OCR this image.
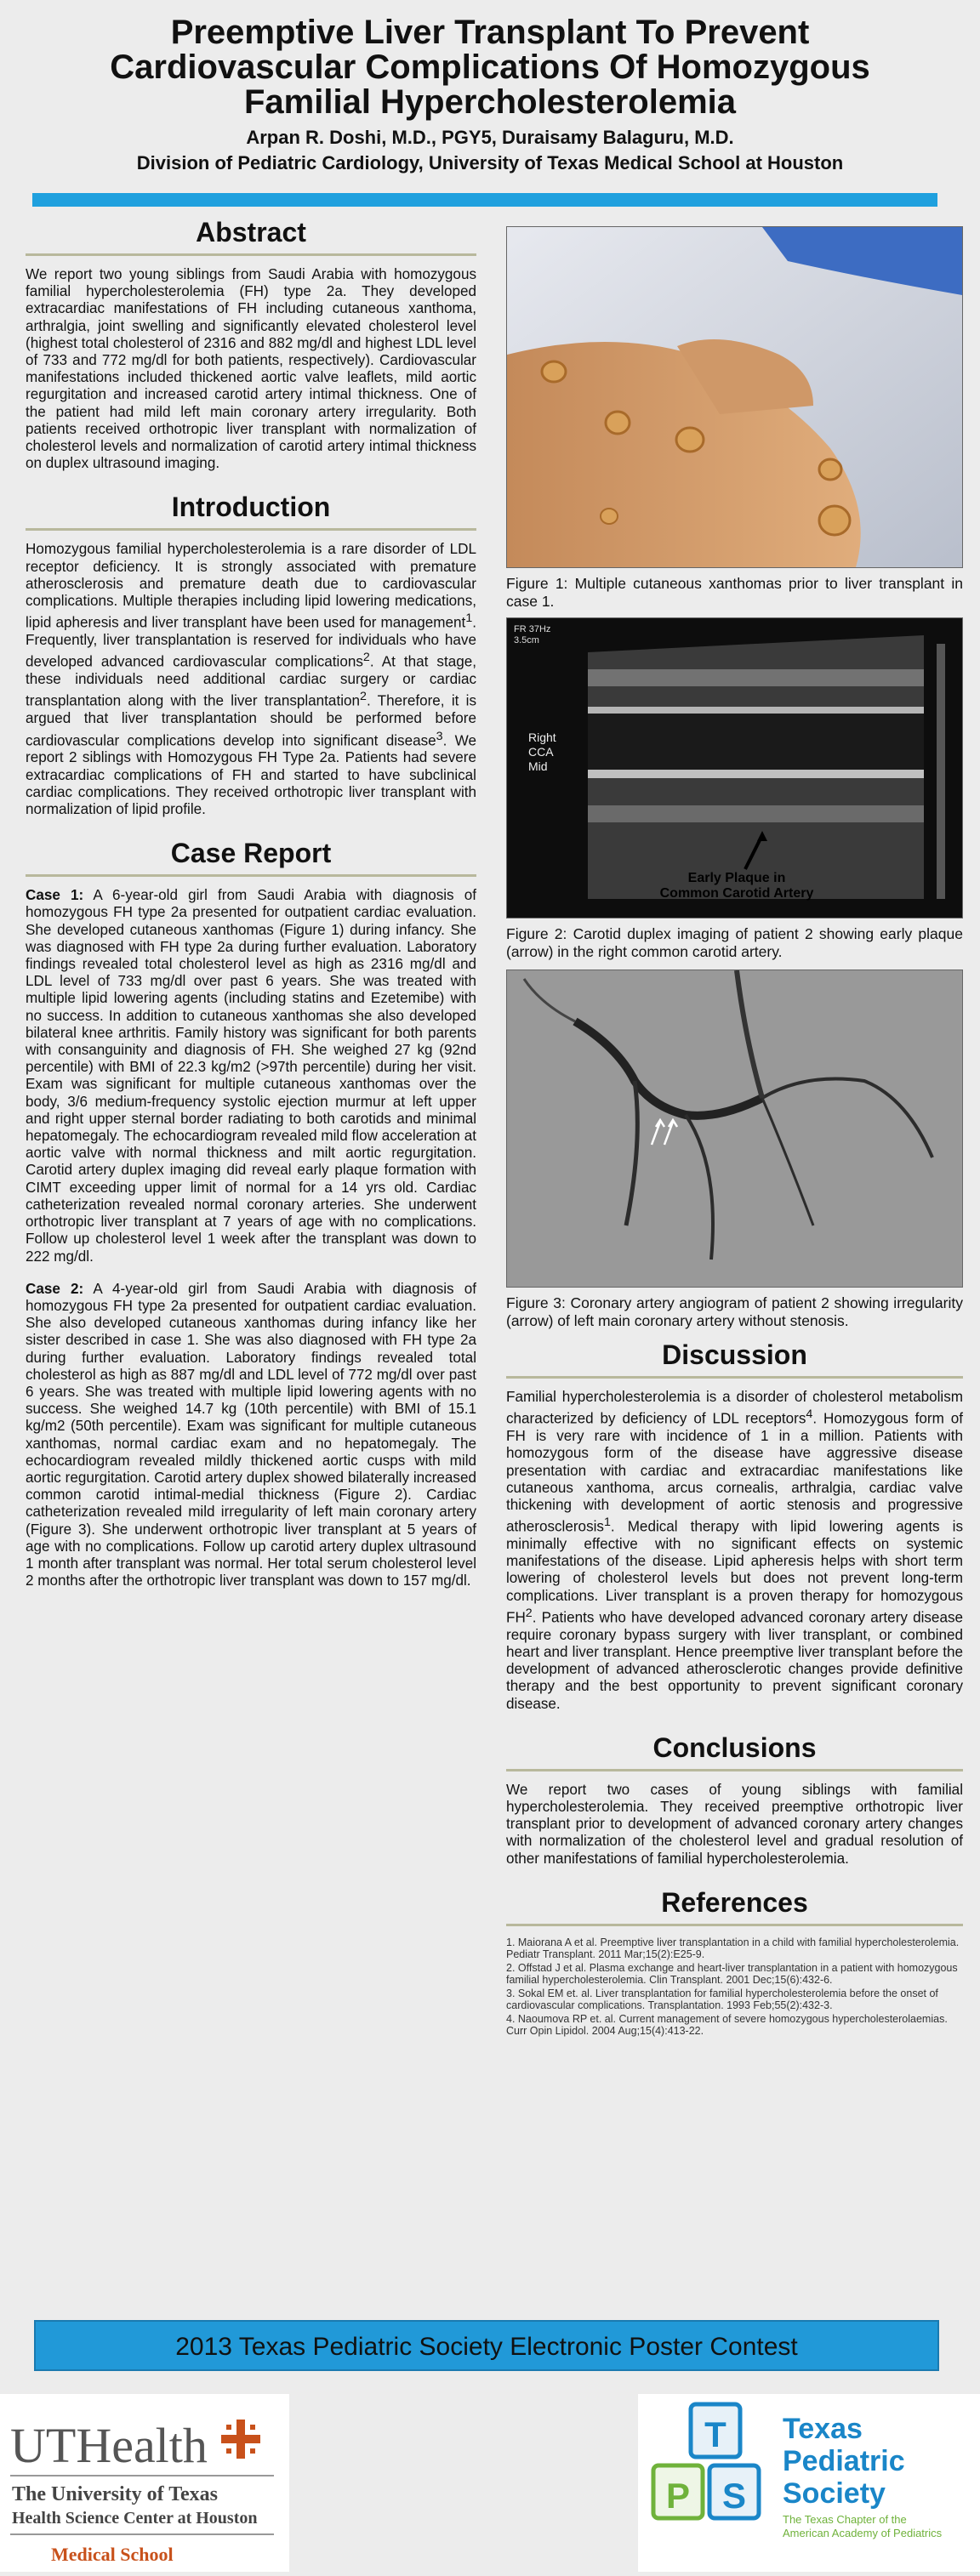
Preemptive Liver Transplant To Prevent
Cardiovascular Complications Of Homozygous
Familial Hypercholesterolemia
Arpan R. Doshi, M.D., PGY5, Duraisamy Balaguru, M.D.
Division of Pediatric Cardiology, University of Texas Medical School at Houston
Abstract

We report two young siblings from Saudi Arabia with homozygous familial hypercholesterolemia (FH) type 2a. They developed extracardiac manifestations of FH including cutaneous xanthoma, arthralgia, joint swelling and significantly elevated cholesterol level (highest total cholesterol of 2316 and 882 mg/dl and highest LDL level of 733 and 772 mg/dl for both patients, respectively). Cardiovascular manifestations included thickened aortic valve leaflets, mild aortic regurgitation and increased carotid artery intimal thickness. One of the patient had mild left main coronary artery irregularity. Both patients received orthotropic liver transplant with normalization of cholesterol levels and normalization of carotid artery intimal thickness on duplex ultrasound imaging.

Introduction

Homozygous familial hypercholesterolemia is a rare disorder of LDL receptor deficiency. It is strongly associated with premature atherosclerosis and premature death due to cardiovascular complications. Multiple therapies including lipid lowering medications, lipid apheresis and liver transplant have been used for management$^1$. Frequently, liver transplantation is reserved for individuals who have developed advanced cardiovascular complications$^2$. At that stage, these individuals need additional cardiac surgery or cardiac transplantation along with the liver transplantation$^2$. Therefore, it is argued that liver transplantation should be performed before cardiovascular complications develop into significant disease$^3$. We report 2 siblings with Homozygous FH Type 2a. Patients had severe extracardiac complications of FH and started to have subclinical cardiac complications. They received orthotropic liver transplant with normalization of lipid profile.

Case Report

Case 1: A 6-year-old girl from Saudi Arabia with diagnosis of homozygous FH type 2a presented for outpatient cardiac evaluation. She developed cutaneous xanthomas (Figure 1) during infancy. She was diagnosed with FH type 2a during further evaluation. Laboratory findings revealed total cholesterol level as high as 2316 mg/dl and LDL level of 733 mg/dl over past 6 years. She was treated with multiple lipid lowering agents (including statins and Ezetemibe) with no success. In addition to cutaneous xanthomas she also developed bilateral knee arthritis. Family history was significant for both parents with consanguinity and diagnosis of FH. She weighed 27 kg (92nd percentile) with BMI of 22.3 kg/m2 (>97th percentile) during her visit. Exam was significant for multiple cutaneous xanthomas over the body, 3/6 medium-frequency systolic ejection murmur at left upper and right upper sternal border radiating to both carotids and minimal hepatomegaly. The echocardiogram revealed mild flow acceleration at aortic valve with normal thickness and milt aortic regurgitation. Carotid artery duplex imaging did reveal early plaque formation with CIMT exceeding upper limit of normal for a 14 yrs old. Cardiac catheterization revealed normal coronary arteries. She underwent orthotropic liver transplant at 7 years of age with no complications. Follow up cholesterol level 1 week after the transplant was down to 222 mg/dl.

Case 2: A 4-year-old girl from Saudi Arabia with diagnosis of homozygous FH type 2a presented for outpatient cardiac evaluation. She also developed cutaneous xanthomas during infancy like her sister described in case 1. She was also diagnosed with FH type 2a during further evaluation. Laboratory findings revealed total cholesterol as high as 887 mg/dl and LDL level of 772 mg/dl over past 6 years. She was treated with multiple lipid lowering agents with no success. She weighed 14.7 kg (10th percentile) with BMI of 15.1 kg/m2 (50th percentile). Exam was significant for multiple cutaneous xanthomas, normal cardiac exam and no hepatomegaly. The echocardiogram revealed mildly thickened aortic cusps with mild aortic regurgitation. Carotid artery duplex showed bilaterally increased common carotid intimal-medial thickness (Figure 2). Cardiac catheterization revealed mild irregularity of left main coronary artery (Figure 3). She underwent orthotropic liver transplant at 5 years of age with no complications. Follow up carotid artery duplex ultrasound 1 month after transplant was normal. Her total serum cholesterol level 2 months after the orthotropic liver transplant was down to 157 mg/dl.

Figure 1: Multiple cutaneous xanthomas prior to liver transplant in case 1.
FR 37Hz
3.5cm
Right
CCA
Mid
Early Plaque in
Common Carotid Artery
Figure 2: Carotid duplex imaging of patient 2 showing early plaque (arrow) in the right common carotid artery.
Figure 3: Coronary artery angiogram of patient 2 showing irregularity (arrow) of left main coronary artery without stenosis.
Discussion

Familial hypercholesterolemia is a disorder of cholesterol metabolism characterized by deficiency of LDL receptors$^4$. Homozygous form of FH is very rare with incidence of 1 in a million. Patients with homozygous form of the disease have aggressive disease presentation with cardiac and extracardiac manifestations like cutaneous xanthoma, arcus cornealis, arthralgia, cardiac valve thickening with development of aortic stenosis and progressive atherosclerosis$^1$. Medical therapy with lipid lowering agents is minimally effective with no significant effects on systemic manifestations of the disease. Lipid apheresis helps with short term lowering of cholesterol levels but does not prevent long-term complications. Liver transplant is a proven therapy for homozygous $FH^2$. Patients who have developed advanced coronary artery disease require coronary bypass surgery with liver transplant, or combined heart and liver transplant. Hence preemptive liver transplant before the development of advanced atherosclerotic changes provide definitive therapy and the best opportunity to prevent significant coronary disease.

Conclusions

We report two cases of young siblings with familial hypercholesterolemia. They received preemptive orthotropic liver transplant prior to development of advanced coronary artery changes with normalization of the cholesterol level and gradual resolution of other manifestations of familial hypercholesterolemia.

References
1. Maiorana A et al. Preemptive liver transplantation in a child with familial hypercholesterolemia. Pediatr Transplant. 2011 Mar;15(2):E25-9.
2. Offstad J et al. Plasma exchange and heart-liver transplantation in a patient with homozygous familial hypercholesterolemia. Clin Transplant. 2001 Dec;15(6):432-6.
3. Sokal EM et. al. Liver transplantation for familial hypercholesterolemia before the onset of cardiovascular complications. Transplantation. 1993 Feb;55(2):432-3.
4. Naoumova RP et. al. Current management of severe homozygous hypercholesterolaemias. Curr Opin Lipidol. 2004 Aug;15(4):413-22.
2013 Texas Pediatric Society Electronic Poster Contest
UTHealth
The University of Texas
Health Science Center at Houston
Medical School
T
P S
Texas
Pediatric
Society
The Texas Chapter of the
American Academy of Pediatrics
